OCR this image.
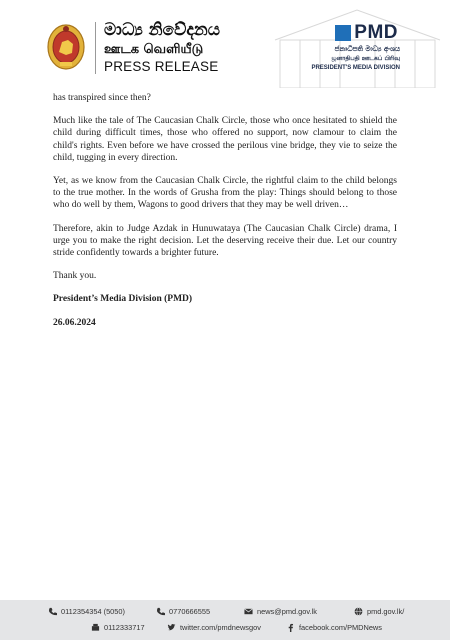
මාධ්‍ය නිවේදනය
ஊடக வெளியீடு
PRESS RELEASE
PMD
ජනාධිපති මාධ්‍ය අංශය
ஜனாதிபதி ஊடகப் பிரிவு
PRESIDENT'S MEDIA DIVISION

has transpired since then?

Much like the tale of The Caucasian Chalk Circle, those who once hesitated to shield the child during difficult times, those who offered no support, now clamour to claim the child's rights. Even before we have crossed the perilous vine bridge, they vie to seize the child, tugging in every direction.

Yet, as we know from the Caucasian Chalk Circle, the rightful claim to the child belongs to the true mother. In the words of Grusha from the play: Things should belong to those who do well by them, Wagons to good drivers that they may be well driven…

Therefore, akin to Judge Azdak in Hunuwataya (The Caucasian Chalk Circle) drama, I urge you to make the right decision. Let the deserving receive their due. Let our country stride confidently towards a brighter future.

Thank you.

President’s Media Division (PMD)

26.06.2024

0112354354 (5050)	0770666555	news@pmd.gov.lk	pmd.gov.lk/
0112333717	twitter.com/pmdnewsgov	facebook.com/PMDNews
